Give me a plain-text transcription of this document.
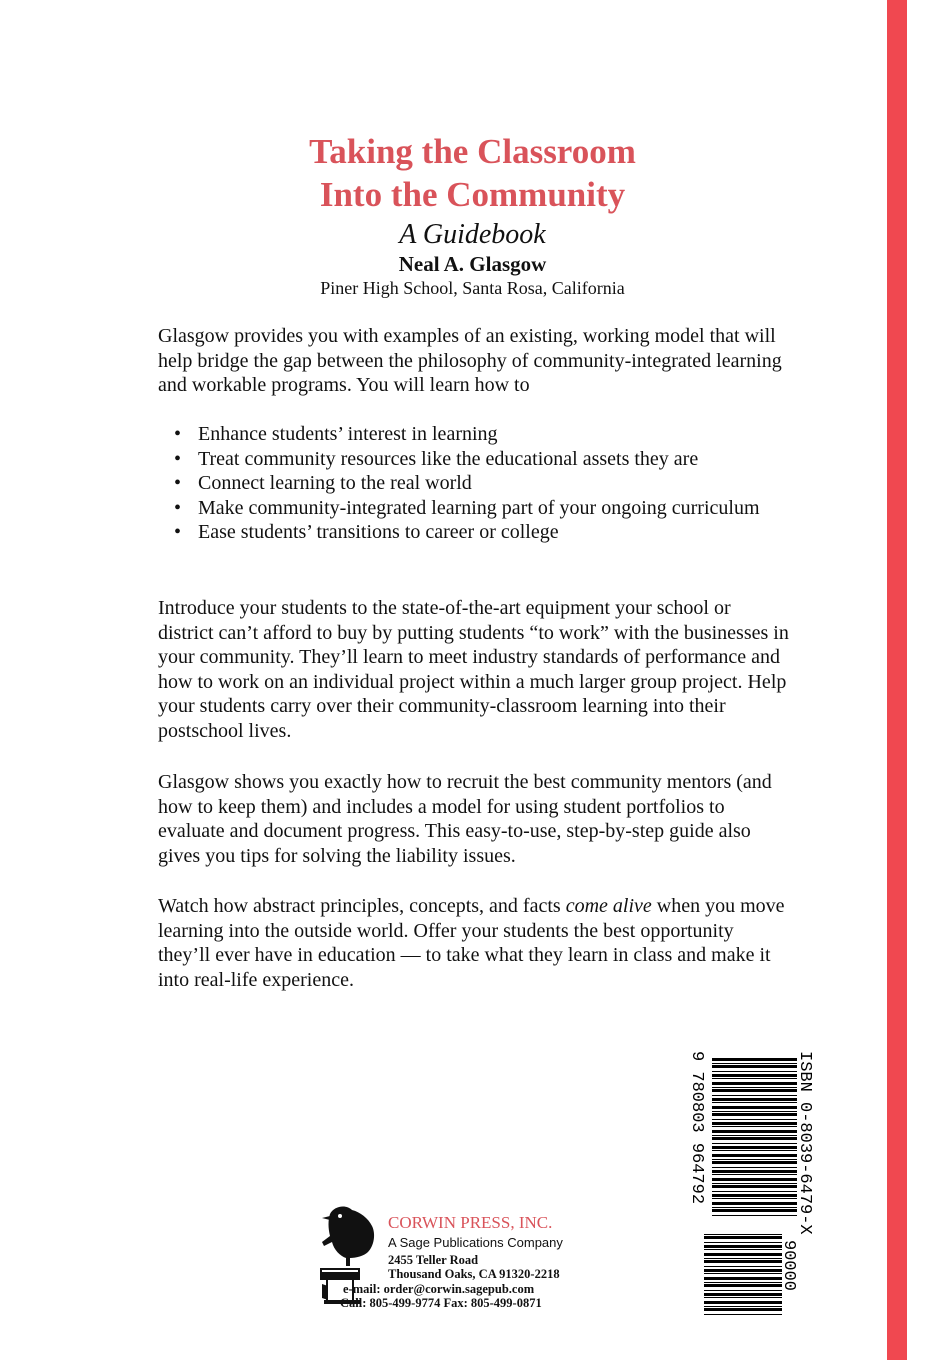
Taking the Classroom
Into the Community
A Guidebook
Neal A. Glasgow
Piner High School, Santa Rosa, California

Glasgow provides you with examples of an existing, working model that will help bridge the gap between the philosophy of community-integrated learning and workable programs. You will learn how to

• Enhance students’ interest in learning
• Treat community resources like the educational assets they are
• Connect learning to the real world
• Make community-integrated learning part of your ongoing curriculum
• Ease students’ transitions to career or college

Introduce your students to the state-of-the-art equipment your school or district can’t afford to buy by putting students “to work” with the businesses in your community. They’ll learn to meet industry standards of performance and how to work on an individual project within a much larger group project. Help your students carry over their community-classroom learning into their postschool lives.

Glasgow shows you exactly how to recruit the best community mentors (and how to keep them) and includes a model for using student portfolios to evaluate and document progress. This easy-to-use, step-by-step guide also gives you tips for solving the liability issues.

Watch how abstract principles, concepts, and facts come alive when you move learning into the outside world. Offer your students the best opportunity they’ll ever have in education — to take what they learn in class and make it into real-life experience.

9 780803 964792	ISBN 0-8039-6479-X
90000
CORWIN PRESS, INC.
A Sage Publications Company
2455 Teller Road
Thousand Oaks, CA 91320-2218
e-mail: order@corwin.sagepub.com
Call: 805-499-9774 Fax: 805-499-0871
